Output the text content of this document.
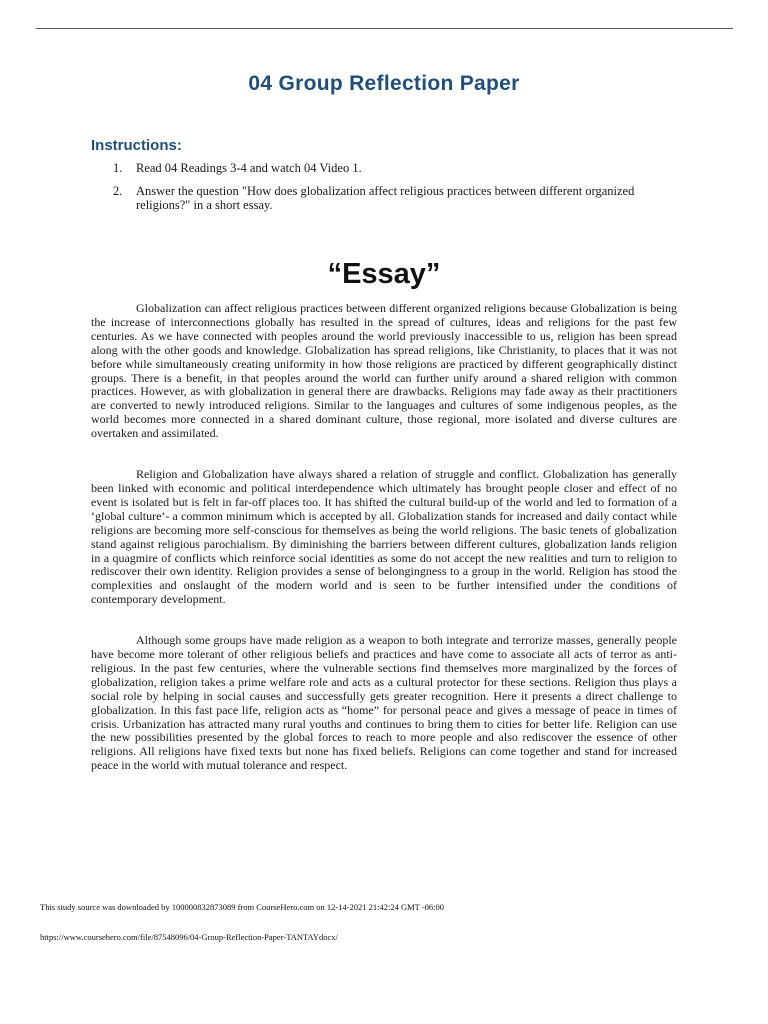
04 Group Reflection Paper
Instructions:
1. Read 04 Readings 3-4 and watch 04 Video 1.
2. Answer the question "How does globalization affect religious practices between different organized religions?" in a short essay.
“Essay”

Globalization can affect religious practices between different organized religions because Globalization is being the increase of interconnections globally has resulted in the spread of cultures, ideas and religions for the past few centuries. As we have connected with peoples around the world previously inaccessible to us, religion has been spread along with the other goods and knowledge. Globalization has spread religions, like Christianity, to places that it was not before while simultaneously creating uniformity in how those religions are practiced by different geographically distinct groups. There is a benefit, in that peoples around the world can further unify around a shared religion with common practices. However, as with globalization in general there are drawbacks. Religions may fade away as their practitioners are converted to newly introduced religions. Similar to the languages and cultures of some indigenous peoples, as the world becomes more connected in a shared dominant culture, those regional, more isolated and diverse cultures are overtaken and assimilated.

Religion and Globalization have always shared a relation of struggle and conflict. Globalization has generally been linked with economic and political interdependence which ultimately has brought people closer and effect of no event is isolated but is felt in far-off places too. It has shifted the cultural build-up of the world and led to formation of a ‘global culture’- a common minimum which is accepted by all. Globalization stands for increased and daily contact while religions are becoming more self-conscious for themselves as being the world religions. The basic tenets of globalization stand against religious parochialism. By diminishing the barriers between different cultures, globalization lands religion in a quagmire of conflicts which reinforce social identities as some do not accept the new realities and turn to religion to rediscover their own identity. Religion provides a sense of belongingness to a group in the world. Religion has stood the complexities and onslaught of the modern world and is seen to be further intensified under the conditions of contemporary development.

Although some groups have made religion as a weapon to both integrate and terrorize masses, generally people have become more tolerant of other religious beliefs and practices and have come to associate all acts of terror as anti-religious. In the past few centuries, where the vulnerable sections find themselves more marginalized by the forces of globalization, religion takes a prime welfare role and acts as a cultural protector for these sections. Religion thus plays a social role by helping in social causes and successfully gets greater recognition. Here it presents a direct challenge to globalization. In this fast pace life, religion acts as “home” for personal peace and gives a message of peace in times of crisis. Urbanization has attracted many rural youths and continues to bring them to cities for better life. Religion can use the new possibilities presented by the global forces to reach to more people and also rediscover the essence of other religions. All religions have fixed texts but none has fixed beliefs. Religions can come together and stand for increased peace in the world with mutual tolerance and respect.

This study source was downloaded by 100000832873089 from CourseHero.com on 12-14-2021 21:42:24 GMT -06:00
https://www.coursehero.com/file/87548096/04-Group-Reflection-Paper-TANTAYdocx/
